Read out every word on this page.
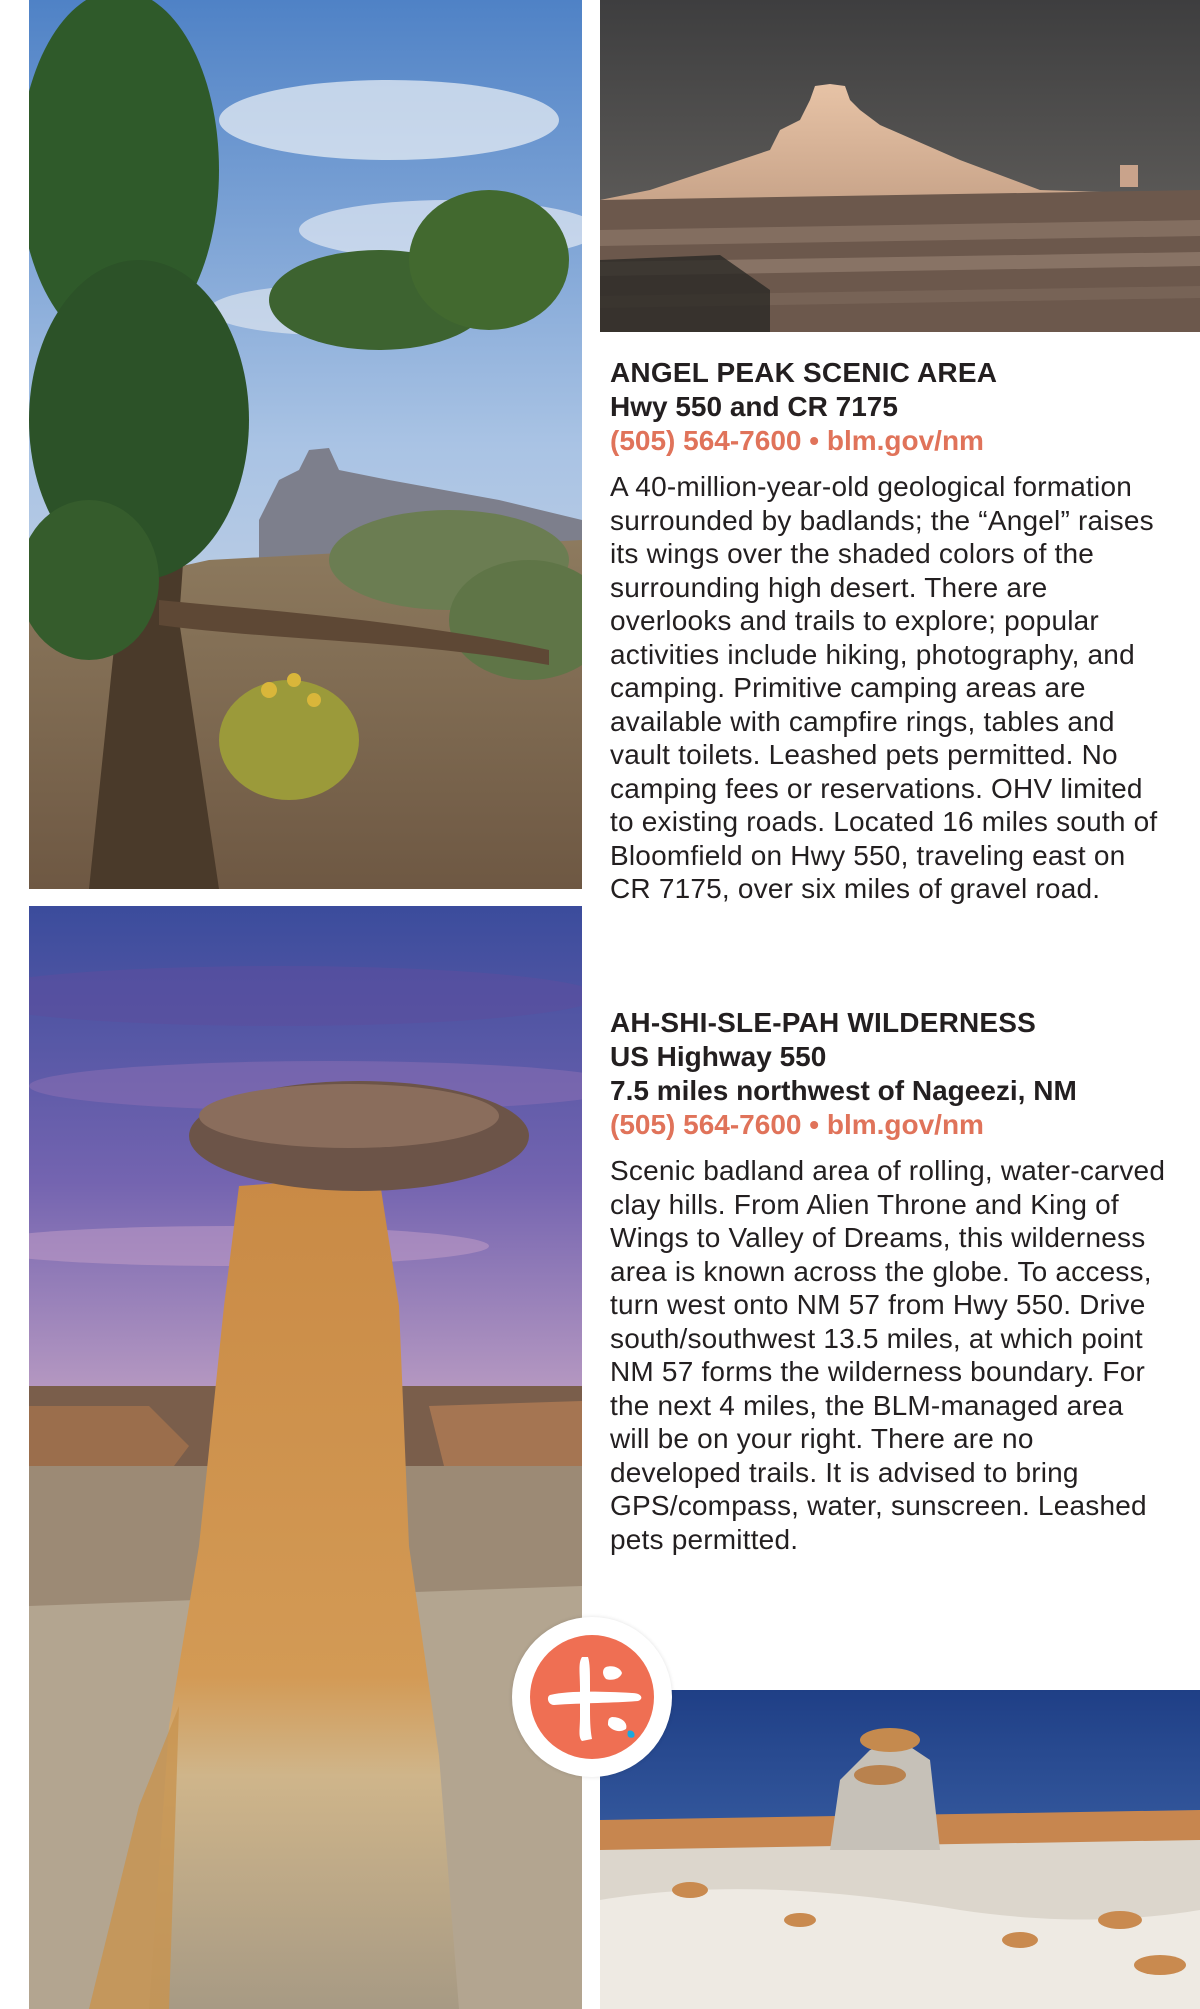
ANGEL PEAK SCENIC AREA
Hwy 550 and CR 7175
(505) 564-7600 • blm.gov/nm
A 40-million-year-old geological formation surrounded by badlands; the “Angel” raises its wings over the shaded colors of the surrounding high desert. There are overlooks and trails to explore; popular activities include hiking, photography, and camping. Primitive camping areas are available with campfire rings, tables and vault toilets. Leashed pets permitted. No camping fees or reservations. OHV limited to existing roads. Located 16 miles south of Bloomfield on Hwy 550, traveling east on CR 7175, over six miles of gravel road.
AH-SHI-SLE-PAH WILDERNESS
US Highway 550
7.5 miles northwest of Nageezi, NM
(505) 564-7600 • blm.gov/nm
Scenic badland area of rolling, water-carved clay hills. From Alien Throne and King of Wings to Valley of Dreams, this wilderness area is known across the globe. To access, turn west onto NM 57 from Hwy 550. Drive south/southwest 13.5 miles, at which point NM 57 forms the wilderness boundary. For the next 4 miles, the BLM-managed area will be on your right. There are no developed trails. It is advised to bring GPS/compass, water, sunscreen. Leashed pets permitted.
